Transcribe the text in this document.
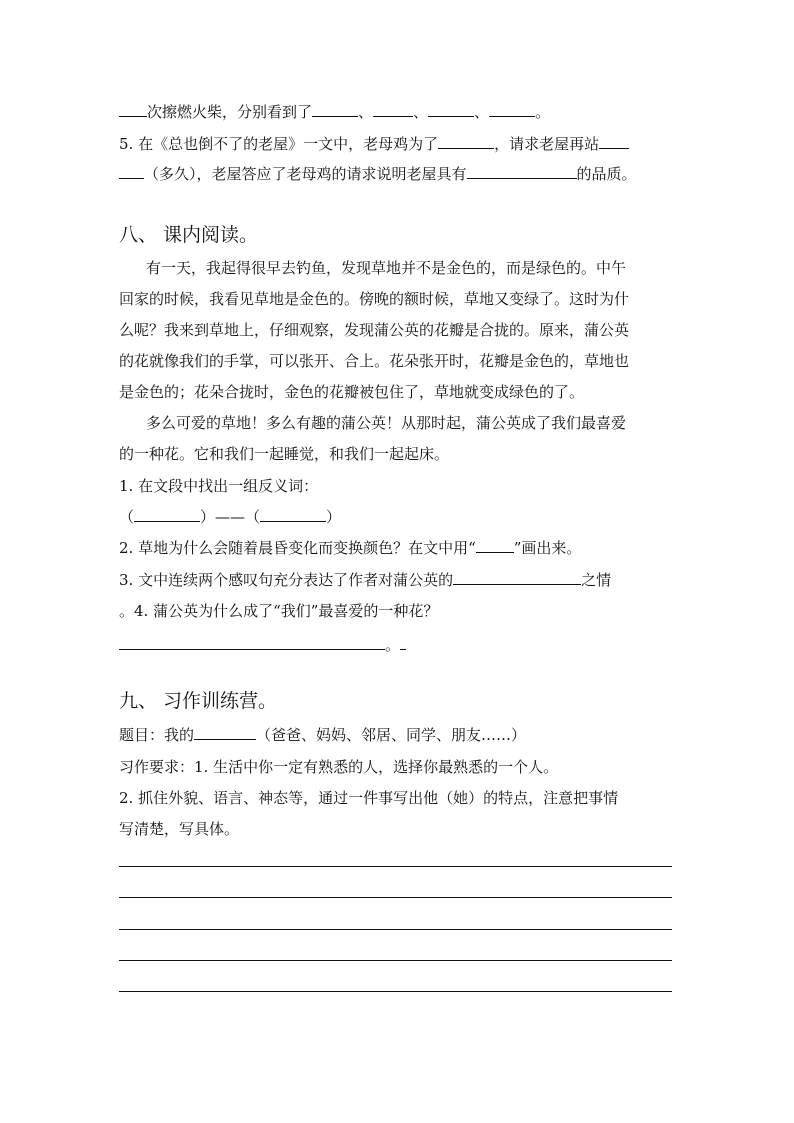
次擦燃火柴，分别看到了	、	、	、	。
5. 在《总也倒不了的老屋》一文中，老母鸡为了	，请求老屋再站
（多久），老屋答应了老母鸡的请求说明老屋具有	的品质。
八、 课内阅读。
有一天，我起得很早去钓鱼，发现草地并不是金色的，而是绿色的。中午
回家的时候，我看见草地是金色的。傍晚的额时候，草地又变绿了。这时为什
么呢？我来到草地上，仔细观察，发现蒲公英的花瓣是合拢的。原来，蒲公英
的花就像我们的手掌，可以张开、合上。花朵张开时，花瓣是金色的，草地也
是金色的；花朵合拢时，金色的花瓣被包住了，草地就变成绿色的了。
多么可爱的草地！多么有趣的蒲公英！从那时起，蒲公英成了我们最喜爱
的一种花。它和我们一起睡觉，和我们一起起床。
1. 在文段中找出一组反义词：
（	）——（	）
2. 草地为什么会随着晨昏变化而变换颜色？在文中用“	”画出来。
3. 文中连续两个感叹句充分表达了作者对蒲公英的	之情
。4. 蒲公英为什么成了“我们”最喜爱的一种花？
。
九、 习作训练营。
题目：我的	（爸爸、妈妈、邻居、同学、朋友……）
习作要求：1. 生活中你一定有熟悉的人，选择你最熟悉的一个人。
2. 抓住外貌、语言、神态等，通过一件事写出他（她）的特点，注意把事情
写清楚，写具体。
